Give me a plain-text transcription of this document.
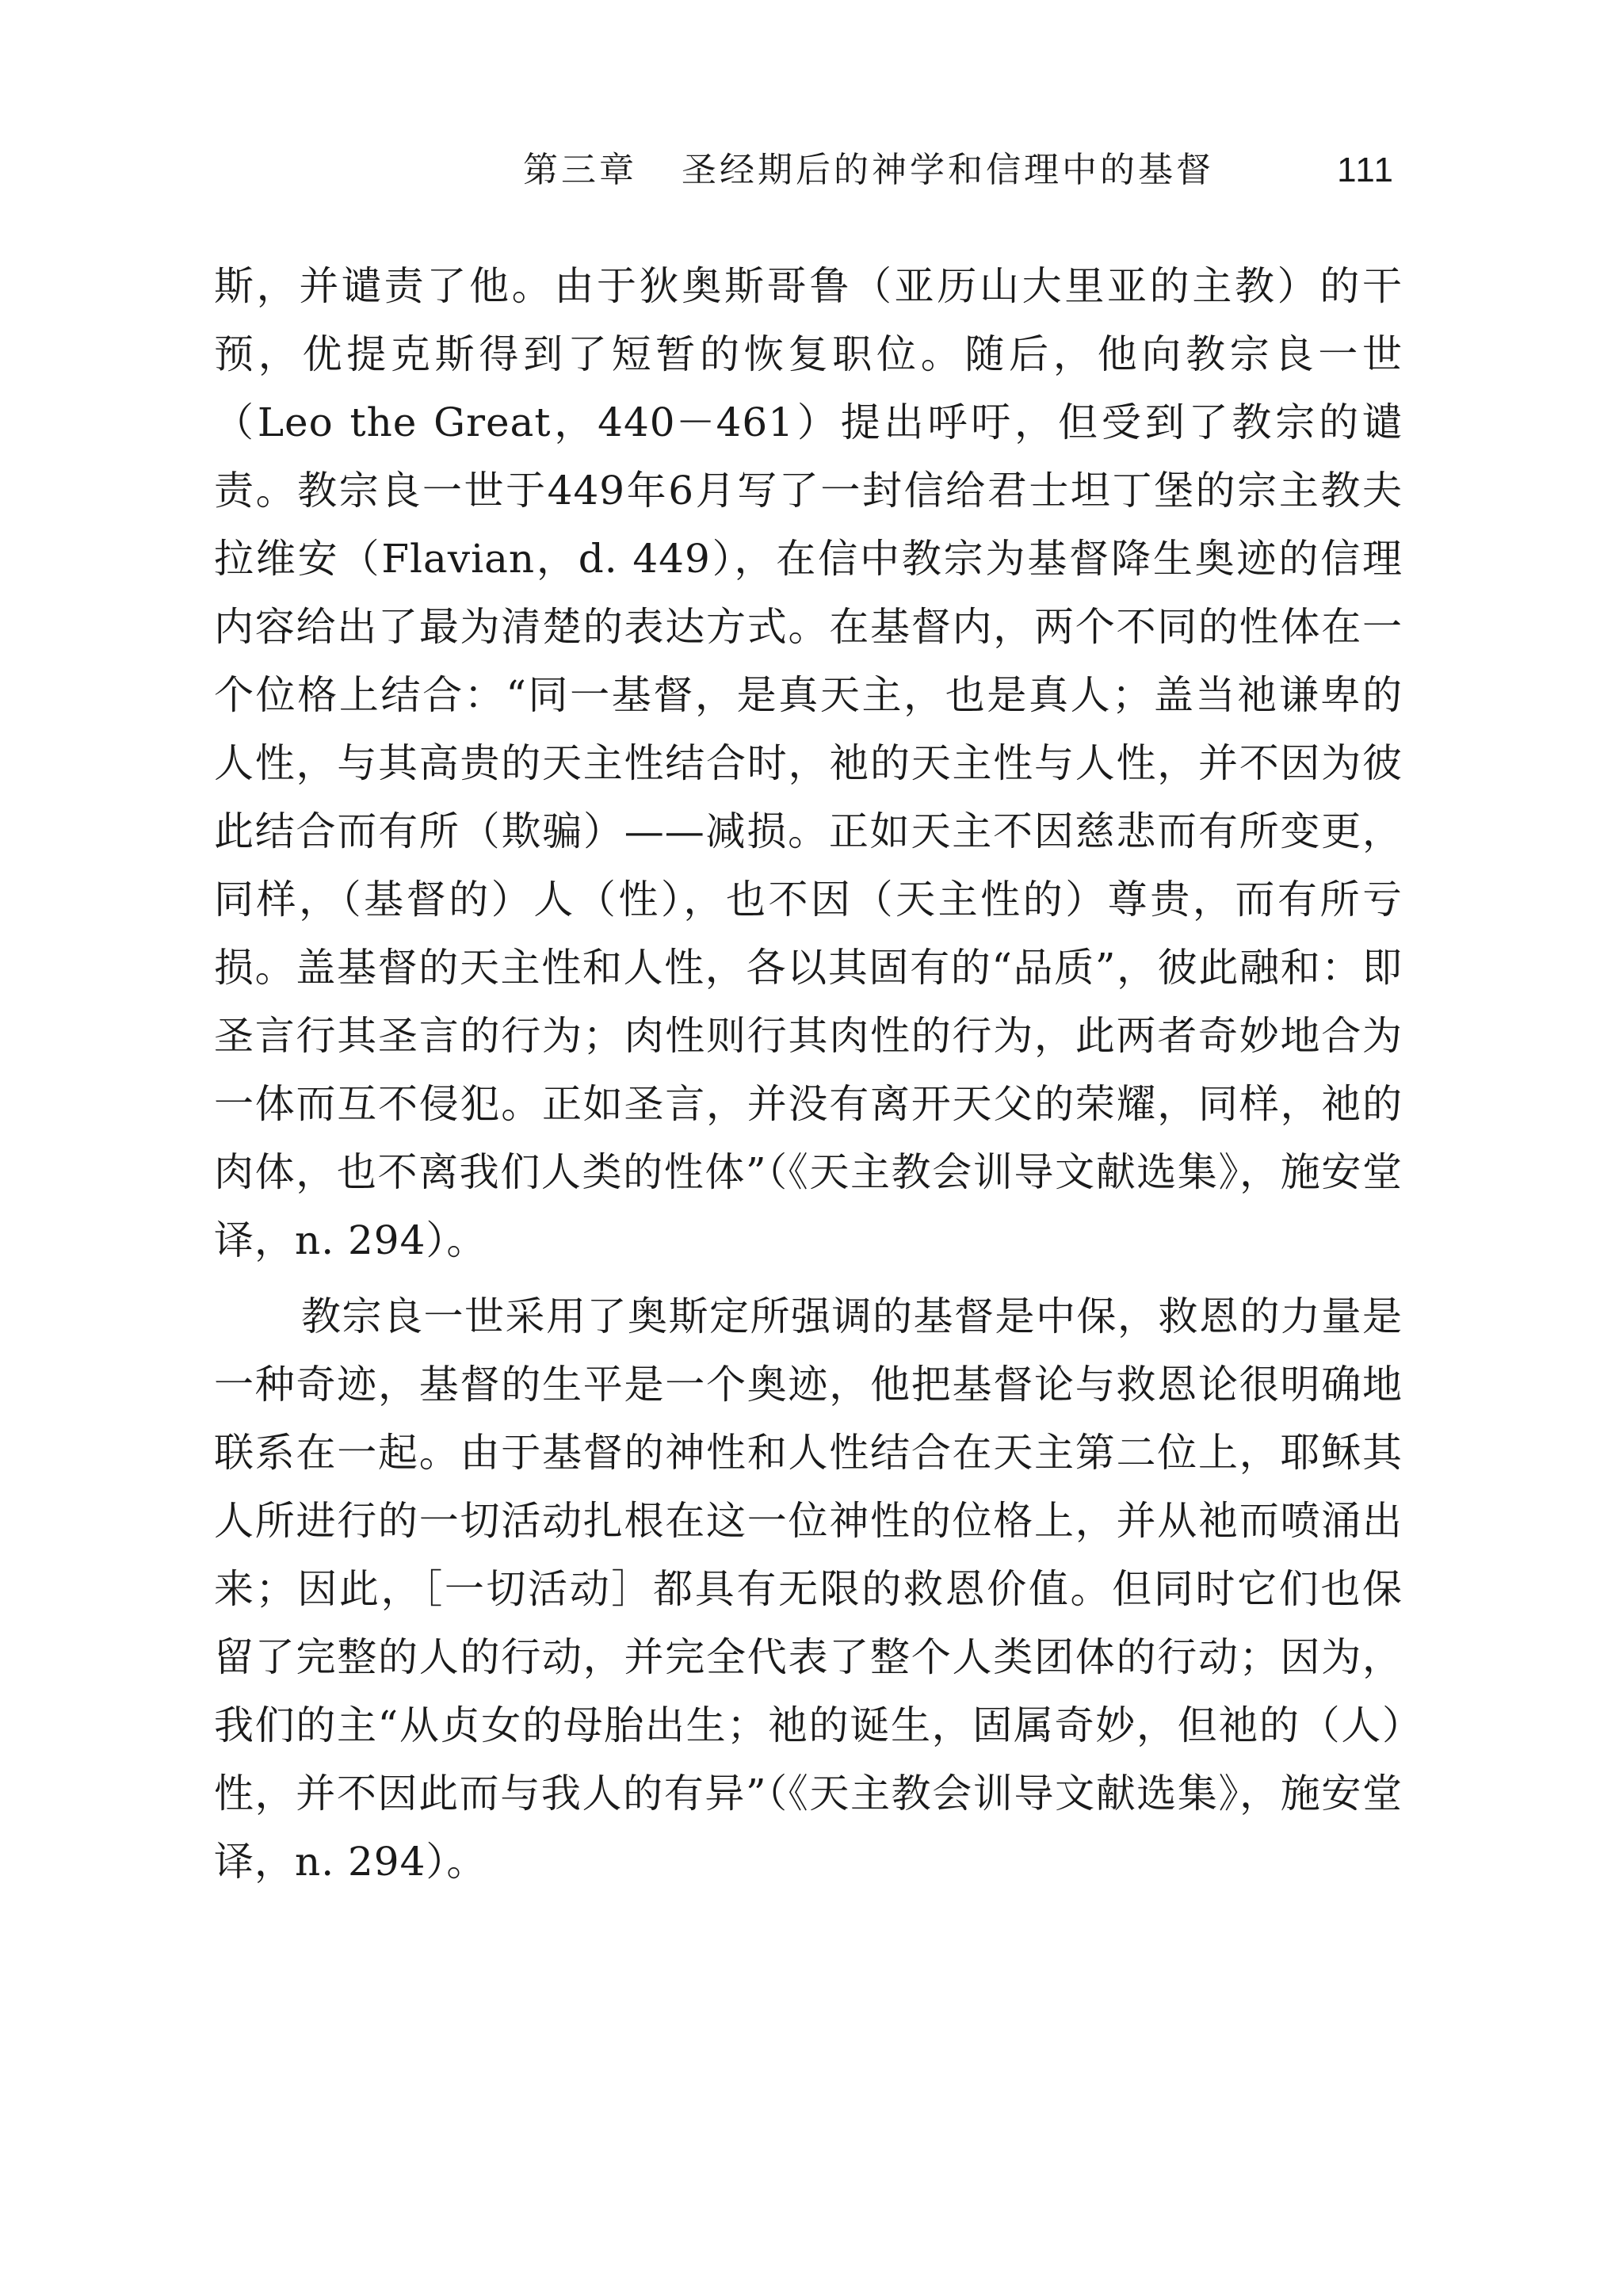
第三章 圣经期后的神学和信理中的基督	111

斯，并谴责了他。由于狄奥斯哥鲁（亚历山大里亚的主教）的干预，优提克斯得到了短暂的恢复职位。随后，他向教宗良一世（Leo the Great，440－461）提出呼吁，但受到了教宗的谴责。教宗良一世于449年6月写了一封信给君士坦丁堡的宗主教夫拉维安（Flavian，d. 449），在信中教宗为基督降生奥迹的信理内容给出了最为清楚的表达方式。在基督内，两个不同的性体在一个位格上结合：“同一基督，是真天主，也是真人；盖当祂谦卑的人性，与其高贵的天主性结合时，祂的天主性与人性，并不因为彼此结合而有所（欺骗）——减损。正如天主不因慈悲而有所变更，同样，（基督的）人（性），也不因（天主性的）尊贵，而有所亏损。盖基督的天主性和人性，各以其固有的“品质”，彼此融和：即圣言行其圣言的行为；肉性则行其肉性的行为，此两者奇妙地合为一体而互不侵犯。正如圣言，并没有离开天父的荣耀，同样，祂的肉体，也不离我们人类的性体”（《天主教会训导文献选集》，施安堂译，n. 294）。

教宗良一世采用了奥斯定所强调的基督是中保，救恩的力量是一种奇迹，基督的生平是一个奥迹，他把基督论与救恩论很明确地联系在一起。由于基督的神性和人性结合在天主第二位上，耶稣其人所进行的一切活动扎根在这一位神性的位格上，并从祂而喷涌出来；因此，［一切活动］都具有无限的救恩价值。但同时它们也保留了完整的人的行动，并完全代表了整个人类团体的行动；因为，我们的主“从贞女的母胎出生；祂的诞生，固属奇妙，但祂的（人）性，并不因此而与我人的有异”（《天主教会训导文献选集》，施安堂译，n. 294）。
